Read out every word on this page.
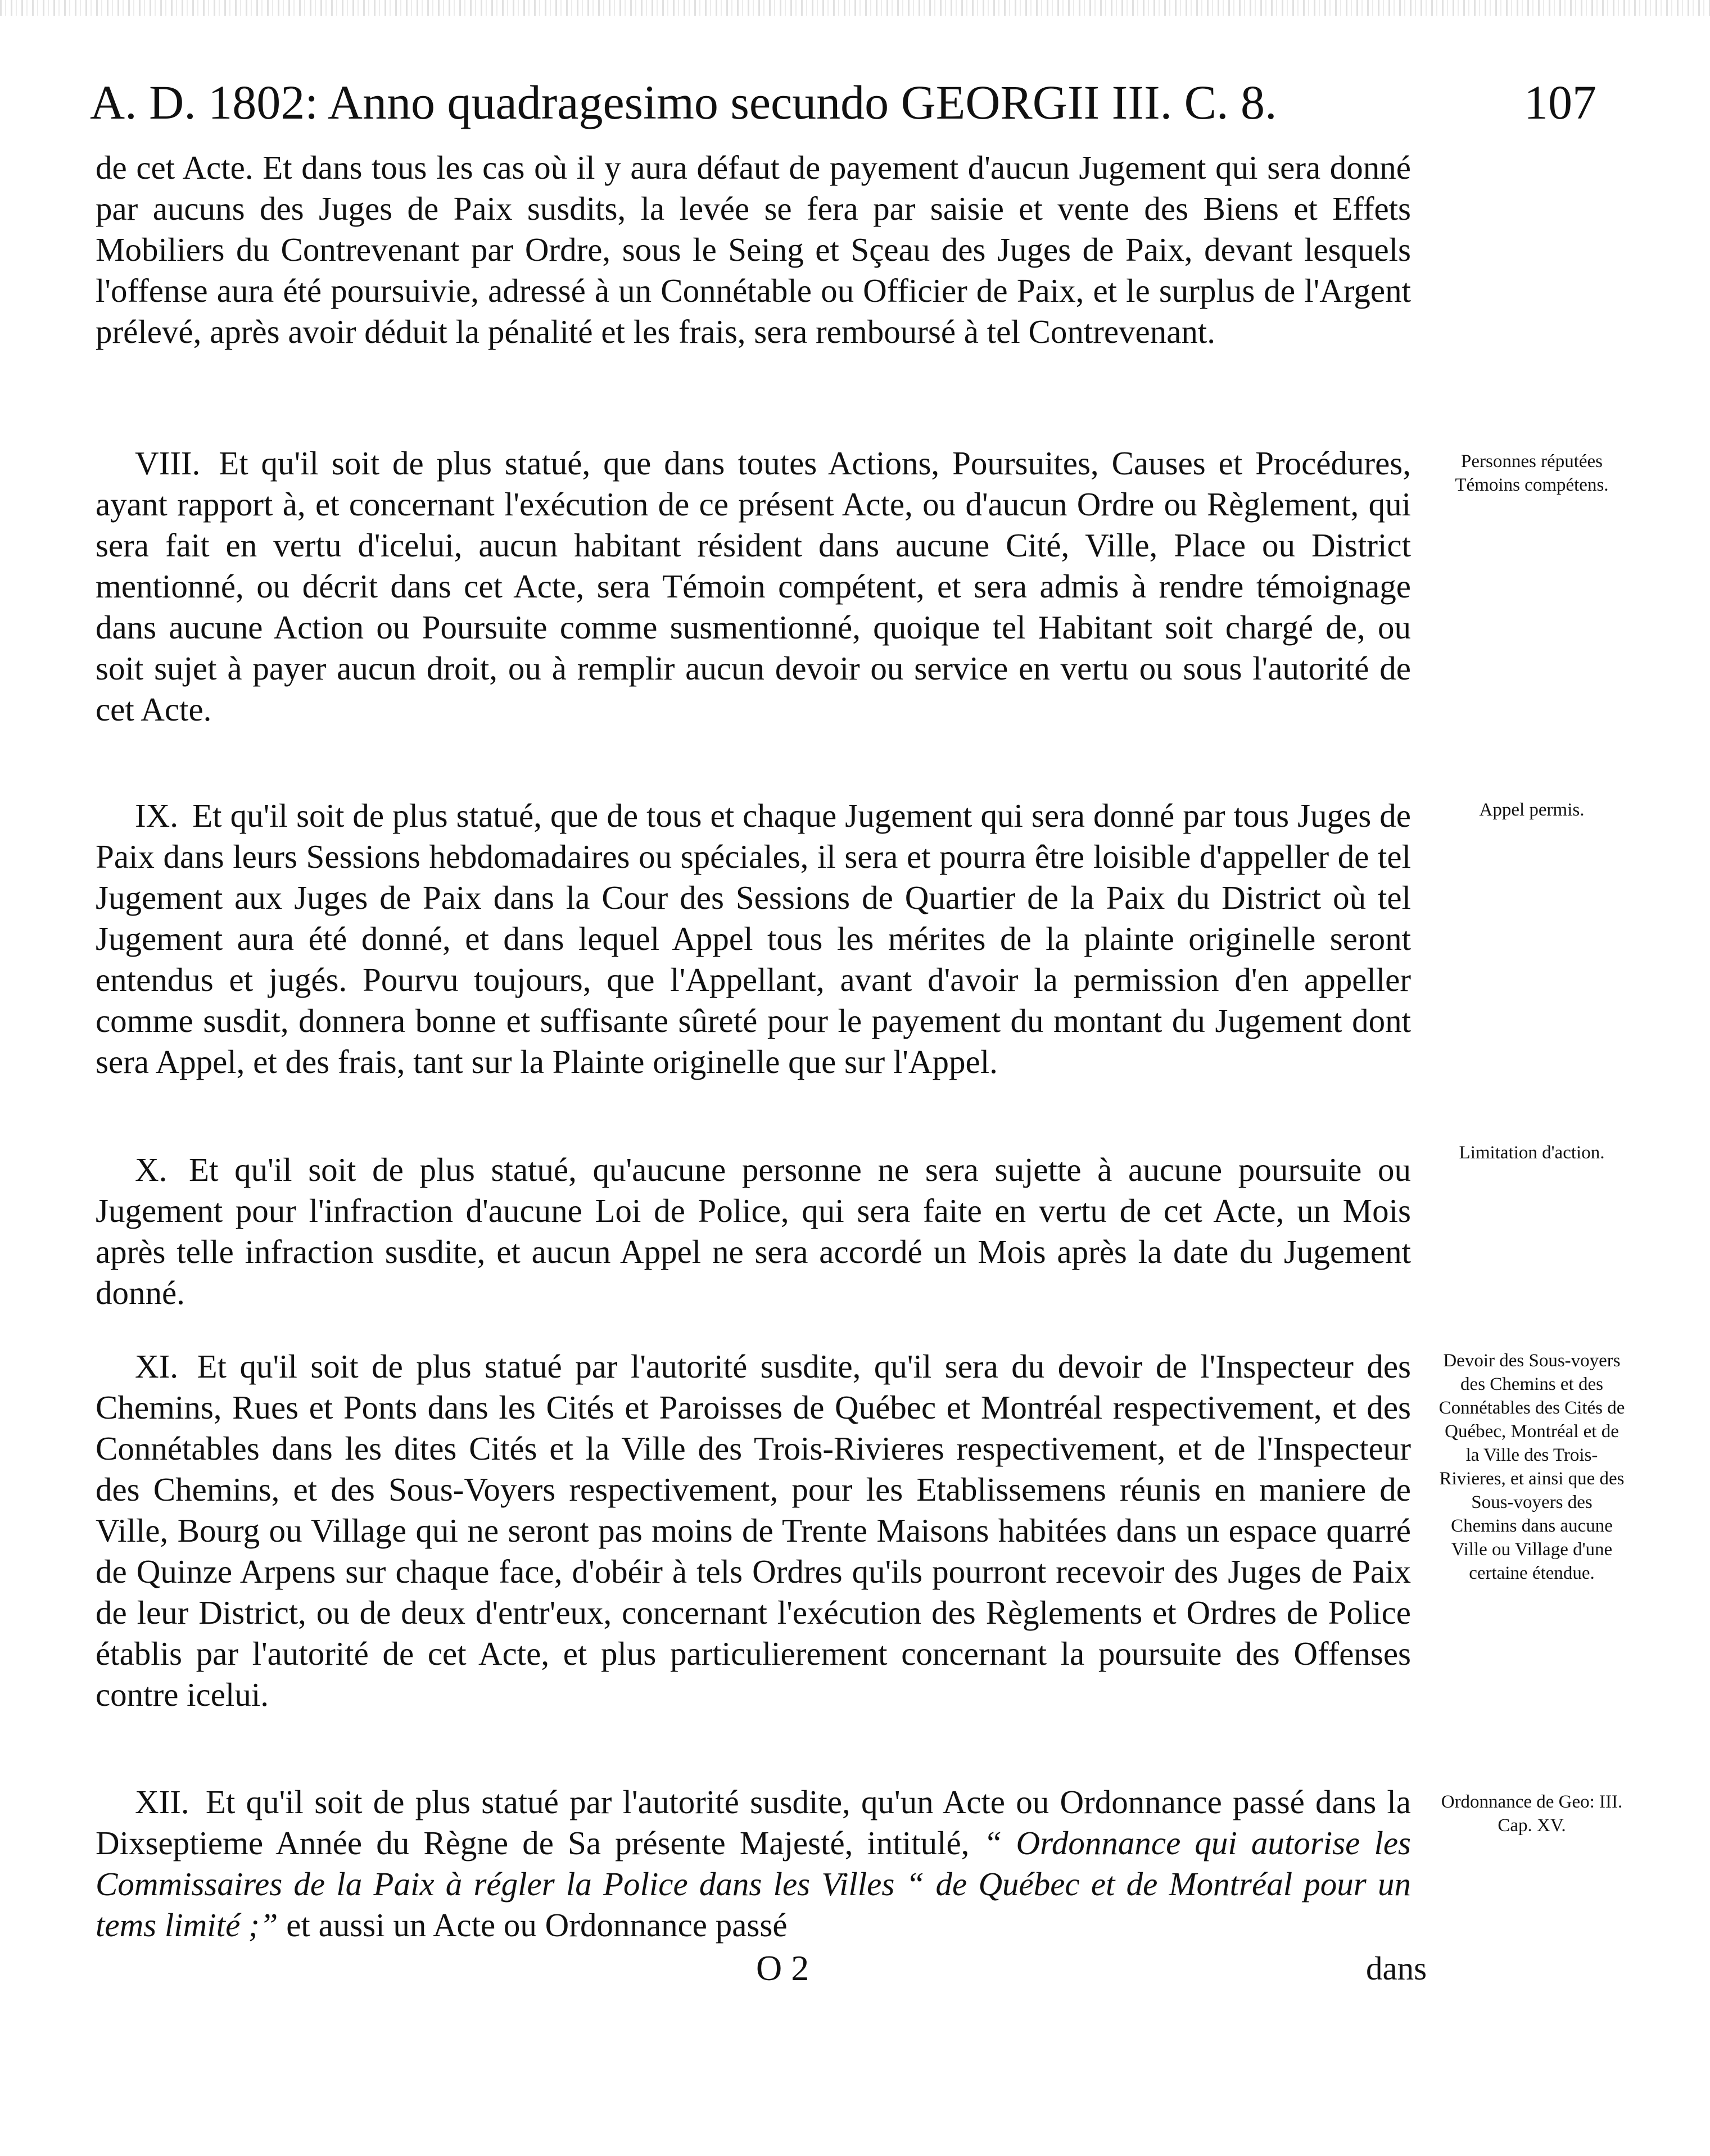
A. D. 1802: Anno quadragesimo secundo GEORGII III. C. 8.	107
de cet Acte. Et dans tous les cas où il y aura défaut de payement d'aucun Jugement qui sera donné par aucuns des Juges de Paix susdits, la levée se fera par saisie et vente des Biens et Effets Mobiliers du Contrevenant par Ordre, sous le Seing et Sçeau des Juges de Paix, devant lesquels l'offense aura été poursuivie, adressé à un Connétable ou Officier de Paix, et le surplus de l'Argent prélevé, après avoir déduit la pénalité et les frais, sera remboursé à tel Contrevenant.
VIII. Et qu'il soit de plus statué, que dans toutes Actions, Poursuites, Causes et Procédures, ayant rapport à, et concernant l'exécution de ce présent Acte, ou d'aucun Ordre ou Règlement, qui sera fait en vertu d'icelui, aucun habitant résident dans aucune Cité, Ville, Place ou District mentionné, ou décrit dans cet Acte, sera Témoin compétent, et sera admis à rendre témoignage dans aucune Action ou Poursuite comme susmentionné, quoique tel Habitant soit chargé de, ou soit sujet à payer aucun droit, ou à remplir aucun devoir ou service en vertu ou sous l'autorité de cet Acte.
Personnes réputées Témoins compétens.
IX. Et qu'il soit de plus statué, que de tous et chaque Jugement qui sera donné par tous Juges de Paix dans leurs Sessions hebdomadaires ou spéciales, il sera et pourra être loisible d'appeller de tel Jugement aux Juges de Paix dans la Cour des Sessions de Quartier de la Paix du District où tel Jugement aura été donné, et dans lequel Appel tous les mérites de la plainte originelle seront entendus et jugés. Pourvu toujours, que l'Appellant, avant d'avoir la permission d'en appeller comme susdit, donnera bonne et suffisante sûreté pour le payement du montant du Jugement dont sera Appel, et des frais, tant sur la Plainte originelle que sur l'Appel.
Appel permis.
X. Et qu'il soit de plus statué, qu'aucune personne ne sera sujette à aucune poursuite ou Jugement pour l'infraction d'aucune Loi de Police, qui sera faite en vertu de cet Acte, un Mois après telle infraction susdite, et aucun Appel ne sera accordé un Mois après la date du Jugement donné.
Limitation d'action.
XI. Et qu'il soit de plus statué par l'autorité susdite, qu'il sera du devoir de l'Inspecteur des Chemins, Rues et Ponts dans les Cités et Paroisses de Québec et Montréal respectivement, et des Connétables dans les dites Cités et la Ville des Trois-Rivieres respectivement, et de l'Inspecteur des Chemins, et des Sous-Voyers respectivement, pour les Etablissemens réunis en maniere de Ville, Bourg ou Village qui ne seront pas moins de Trente Maisons habitées dans un espace quarré de Quinze Arpens sur chaque face, d'obéir à tels Ordres qu'ils pourront recevoir des Juges de Paix de leur District, ou de deux d'entr'eux, concernant l'exécution des Règlements et Ordres de Police établis par l'autorité de cet Acte, et plus particulierement concernant la poursuite des Offenses contre icelui.
Devoir des Sous-voyers des Chemins et des Connétables des Cités de Québec, Montréal et de la Ville des Trois-Rivieres, et ainsi que des Sous-voyers des Chemins dans aucune Ville ou Village d'une certaine étendue.
XII. Et qu'il soit de plus statué par l'autorité susdite, qu'un Acte ou Ordonnance passé dans la Dixseptieme Année du Règne de Sa présente Majesté, intitulé, “ Ordonnance qui autorise les Commissaires de la Paix à régler la Police dans les Villes “ de Québec et de Montréal pour un tems limité ;” et aussi un Acte ou Ordonnance passé
Ordonnance de Geo: III. Cap. XV.
O 2	dans
